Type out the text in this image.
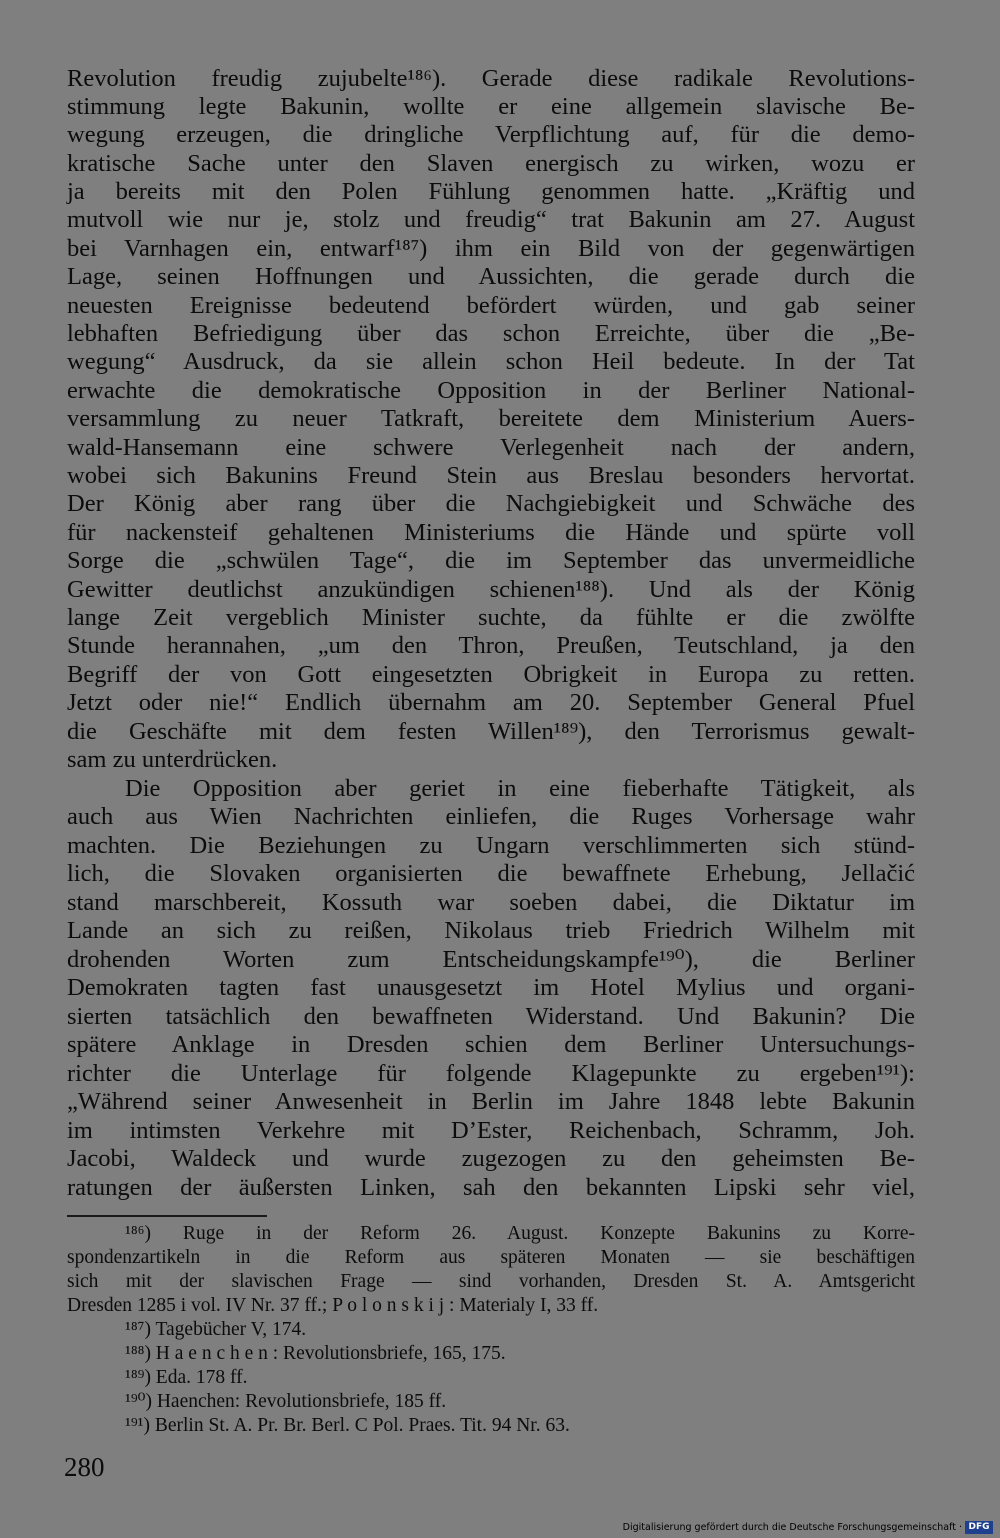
Revolution freudig zujubelte¹⁸⁶). Gerade diese radikale Revolutions-
stimmung legte Bakunin, wollte er eine allgemein slavische Be-
wegung erzeugen, die dringliche Verpflichtung auf, für die demo-
kratische Sache unter den Slaven energisch zu wirken, wozu er
ja bereits mit den Polen Fühlung genommen hatte. „Kräftig und
mutvoll wie nur je, stolz und freudig“ trat Bakunin am 27. August
bei Varnhagen ein, entwarf¹⁸⁷) ihm ein Bild von der gegenwärtigen
Lage, seinen Hoffnungen und Aussichten, die gerade durch die
neuesten Ereignisse bedeutend befördert würden, und gab seiner
lebhaften Befriedigung über das schon Erreichte, über die „Be-
wegung“ Ausdruck, da sie allein schon Heil bedeute. In der Tat
erwachte die demokratische Opposition in der Berliner National-
versammlung zu neuer Tatkraft, bereitete dem Ministerium Auers-
wald-Hansemann eine schwere Verlegenheit nach der andern,
wobei sich Bakunins Freund Stein aus Breslau besonders hervortat.
Der König aber rang über die Nachgiebigkeit und Schwäche des
für nackensteif gehaltenen Ministeriums die Hände und spürte voll
Sorge die „schwülen Tage“, die im September das unvermeidliche
Gewitter deutlichst anzukündigen schienen¹⁸⁸). Und als der König
lange Zeit vergeblich Minister suchte, da fühlte er die zwölfte
Stunde herannahen, „um den Thron, Preußen, Teutschland, ja den
Begriff der von Gott eingesetzten Obrigkeit in Europa zu retten.
Jetzt oder nie!“ Endlich übernahm am 20. September General Pfuel
die Geschäfte mit dem festen Willen¹⁸⁹), den Terrorismus gewalt-
sam zu unterdrücken.
Die Opposition aber geriet in eine fieberhafte Tätigkeit, als
auch aus Wien Nachrichten einliefen, die Ruges Vorhersage wahr
machten. Die Beziehungen zu Ungarn verschlimmerten sich stünd-
lich, die Slovaken organisierten die bewaffnete Erhebung, Jellačić
stand marschbereit, Kossuth war soeben dabei, die Diktatur im
Lande an sich zu reißen, Nikolaus trieb Friedrich Wilhelm mit
drohenden Worten zum Entscheidungskampfe¹⁹⁰), die Berliner
Demokraten tagten fast unausgesetzt im Hotel Mylius und organi-
sierten tatsächlich den bewaffneten Widerstand. Und Bakunin? Die
spätere Anklage in Dresden schien dem Berliner Untersuchungs-
richter die Unterlage für folgende Klagepunkte zu ergeben¹⁹¹):
„Während seiner Anwesenheit in Berlin im Jahre 1848 lebte Bakunin
im intimsten Verkehre mit D’Ester, Reichenbach, Schramm, Joh.
Jacobi, Waldeck und wurde zugezogen zu den geheimsten Be-
ratungen der äußersten Linken, sah den bekannten Lipski sehr viel,
¹⁸⁶) Ruge in der Reform 26. August. Konzepte Bakunins zu Korre-
spondenzartikeln in die Reform aus späteren Monaten — sie beschäftigen
sich mit der slavischen Frage — sind vorhanden, Dresden St. A. Amtsgericht
Dresden 1285 i vol. IV Nr. 37 ff.; P o l o n s k i j : Materialy I, 33 ff.
¹⁸⁷) Tagebücher V, 174.
¹⁸⁸) H a e n c h e n : Revolutionsbriefe, 165, 175.
¹⁸⁹) Eda. 178 ff.
¹⁹⁰) Haenchen: Revolutionsbriefe, 185 ff.
¹⁹¹) Berlin St. A. Pr. Br. Berl. C Pol. Praes. Tit. 94 Nr. 63.
280
Digitalisierung gefördert durch die Deutsche Forschungsgemeinschaft · DFG
